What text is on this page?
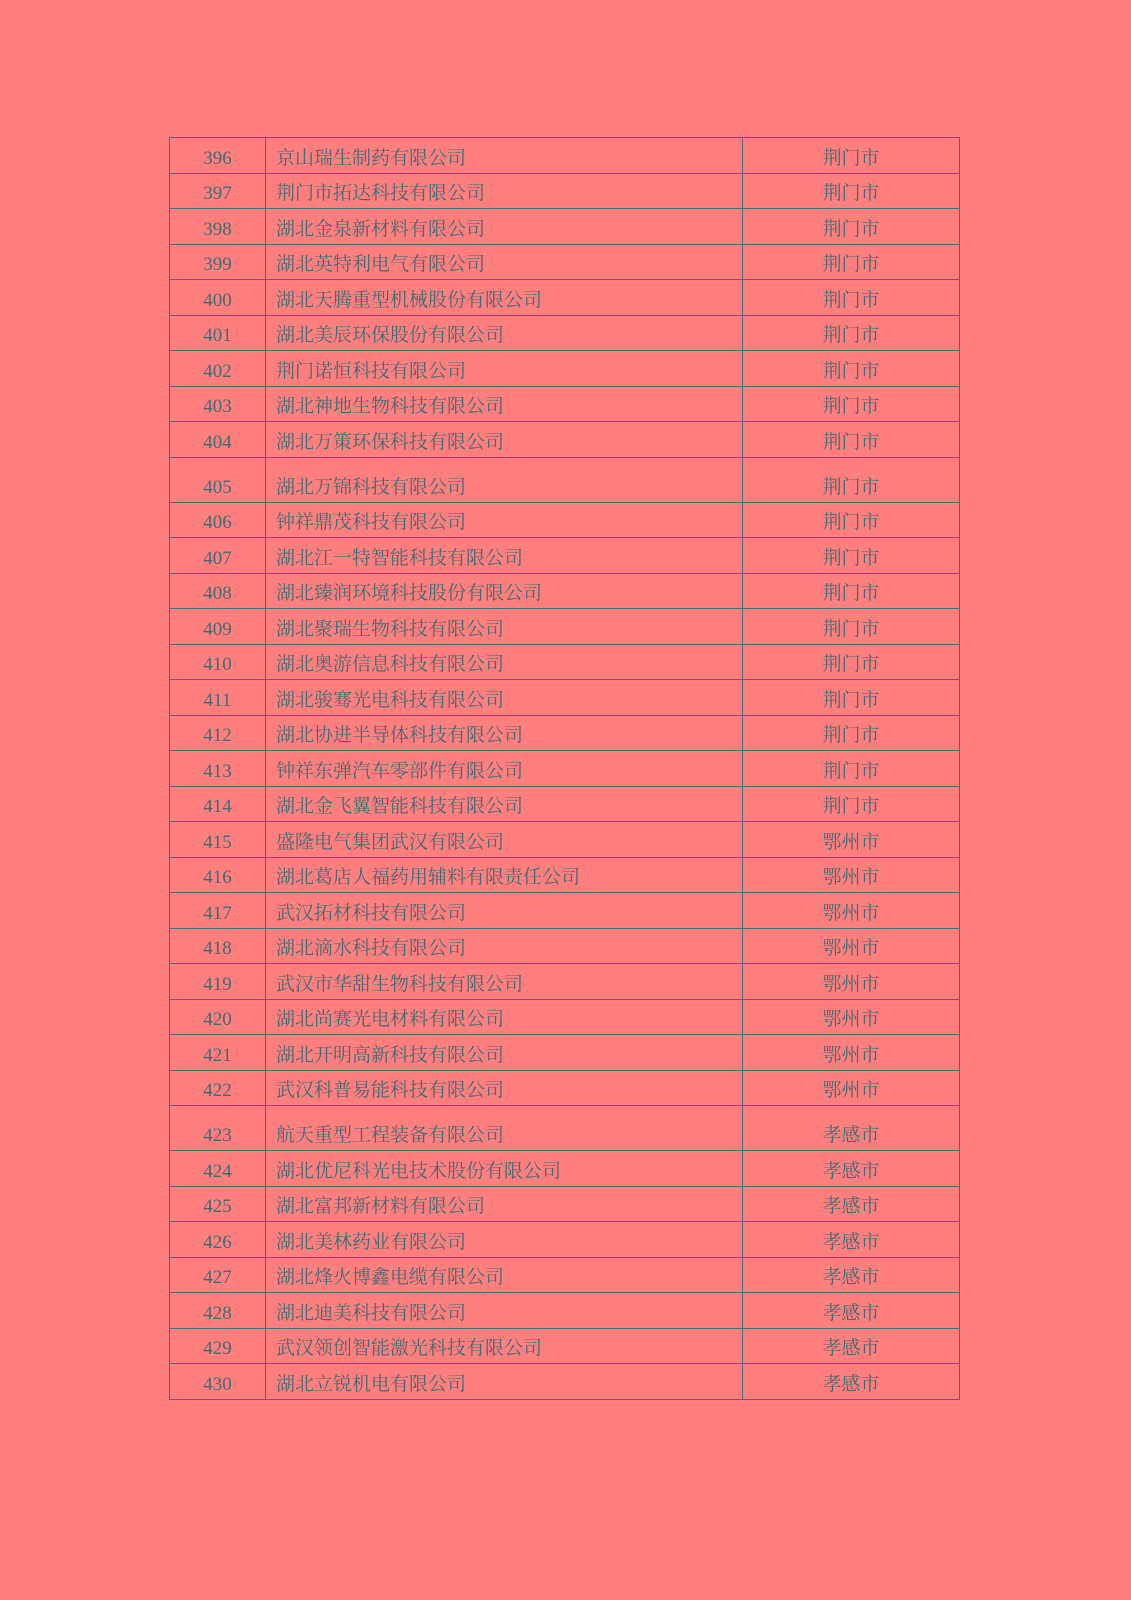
396	京山瑞生制药有限公司	荆门市
397	荆门市拓达科技有限公司	荆门市
398	湖北金泉新材料有限公司	荆门市
399	湖北英特利电气有限公司	荆门市
400	湖北天腾重型机械股份有限公司	荆门市
401	湖北美辰环保股份有限公司	荆门市
402	荆门诺恒科技有限公司	荆门市
403	湖北神地生物科技有限公司	荆门市
404	湖北万策环保科技有限公司	荆门市
405	湖北万锦科技有限公司	荆门市
406	钟祥鼎茂科技有限公司	荆门市
407	湖北江一特智能科技有限公司	荆门市
408	湖北臻润环境科技股份有限公司	荆门市
409	湖北聚瑞生物科技有限公司	荆门市
410	湖北奥游信息科技有限公司	荆门市
411	湖北骏骞光电科技有限公司	荆门市
412	湖北协进半导体科技有限公司	荆门市
413	钟祥东弹汽车零部件有限公司	荆门市
414	湖北金飞翼智能科技有限公司	荆门市
415	盛隆电气集团武汉有限公司	鄂州市
416	湖北葛店人福药用辅料有限责任公司	鄂州市
417	武汉拓材科技有限公司	鄂州市
418	湖北滴水科技有限公司	鄂州市
419	武汉市华甜生物科技有限公司	鄂州市
420	湖北尚赛光电材料有限公司	鄂州市
421	湖北开明高新科技有限公司	鄂州市
422	武汉科普易能科技有限公司	鄂州市
423	航天重型工程装备有限公司	孝感市
424	湖北优尼科光电技术股份有限公司	孝感市
425	湖北富邦新材料有限公司	孝感市
426	湖北美林药业有限公司	孝感市
427	湖北烽火博鑫电缆有限公司	孝感市
428	湖北迪美科技有限公司	孝感市
429	武汉领创智能激光科技有限公司	孝感市
430	湖北立锐机电有限公司	孝感市
